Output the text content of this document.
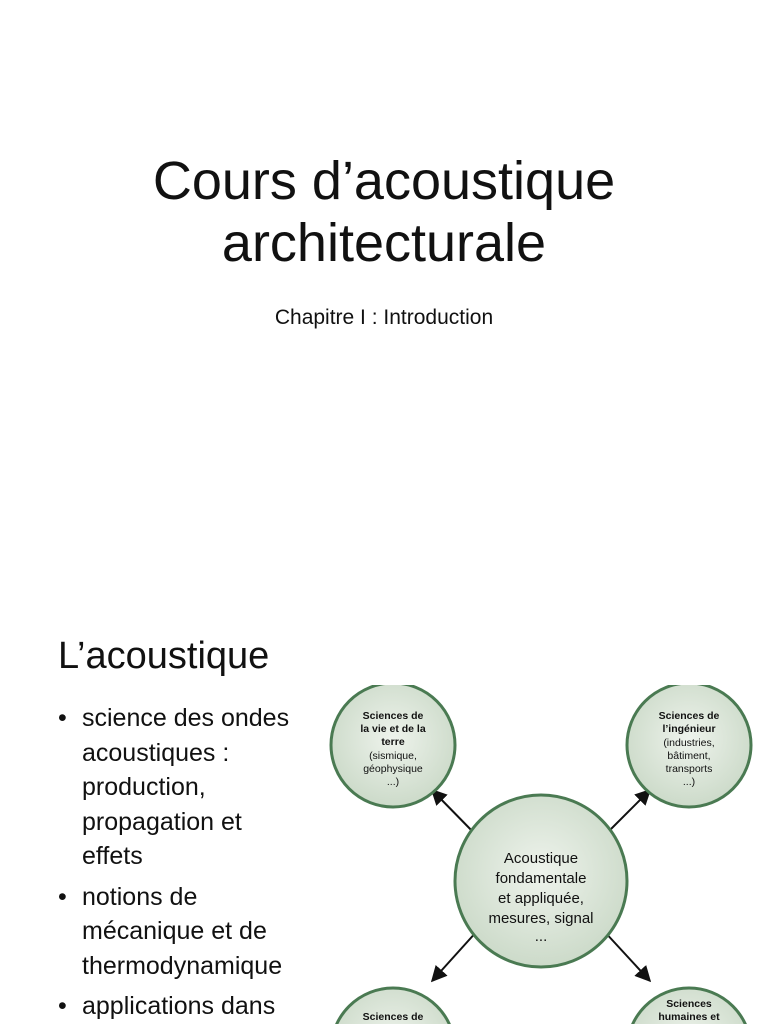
Cours d’acoustique
architecturale
Chapitre I : Introduction
L’acoustique
• science des ondes
acoustiques :
production,
propagation et
effets
• notions de
mécanique et de
thermodynamique
• applications dans
Acoustique
fondamentale
et appliquée,
mesures, signal
...
Sciences de
la vie et de la
terre
(sismique,
géophysique
...)
Sciences de
l’ingénieur
(industries,
bâtiment,
transports
...)
Sciences de
Sciences
humaines et
